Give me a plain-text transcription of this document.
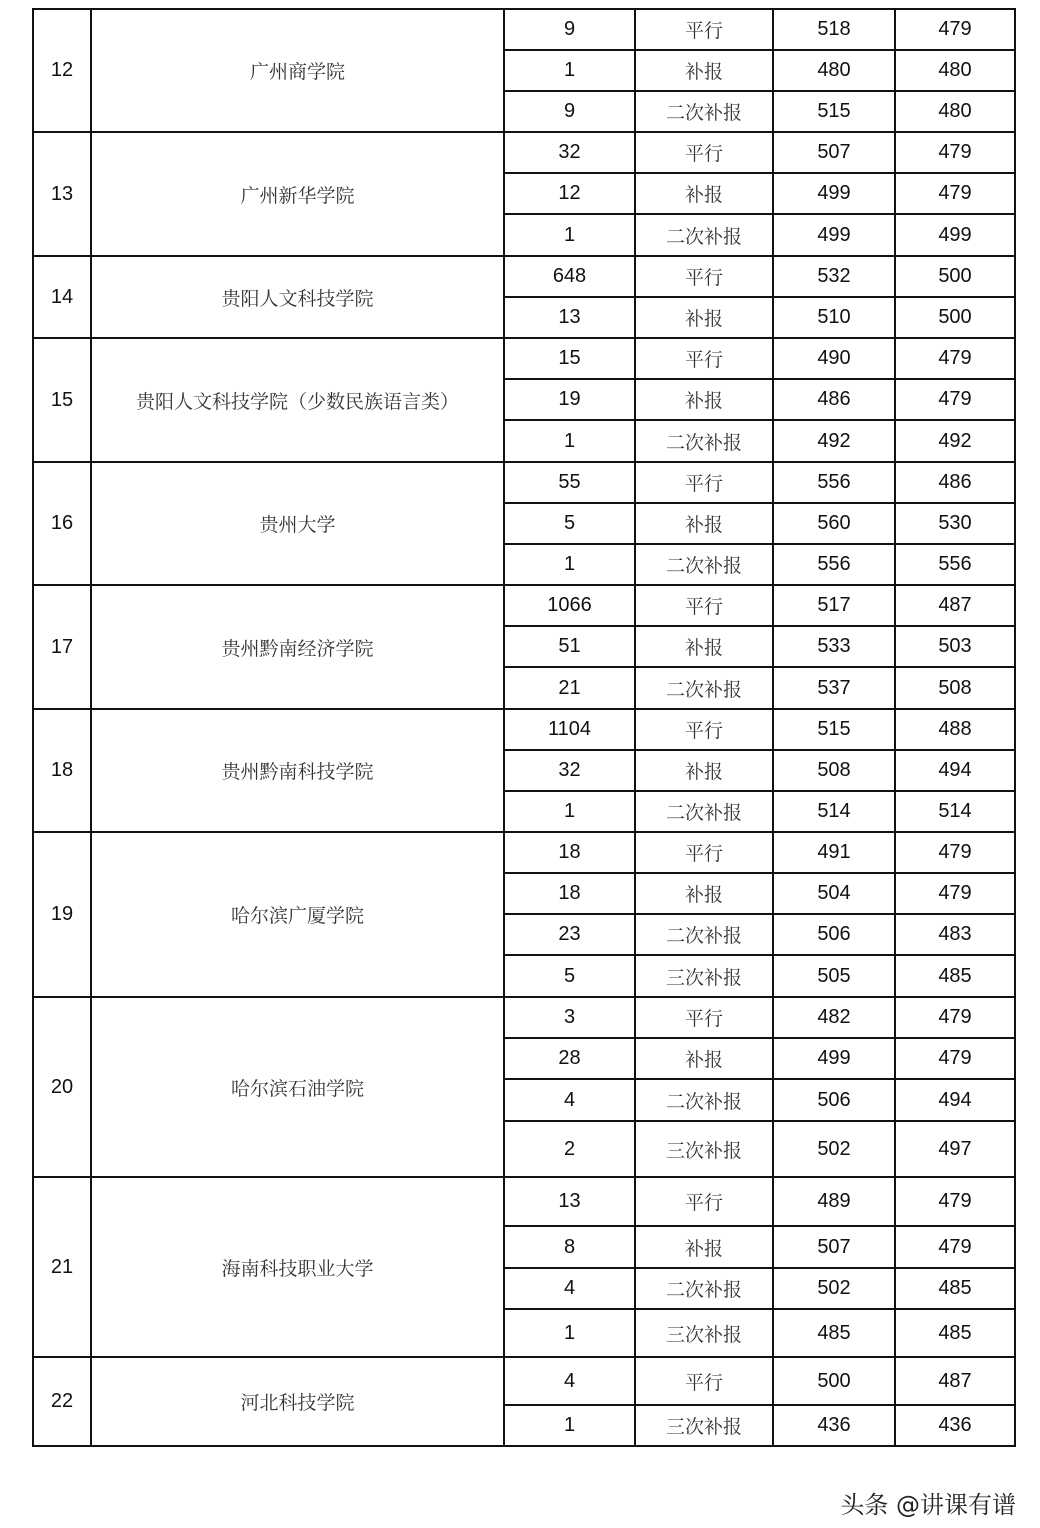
12	广州商学院	9	平行	518	479
		1	补报	480	480
		9	二次补报	515	480
13	广州新华学院	32	平行	507	479
		12	补报	499	479
		1	二次补报	499	499
14	贵阳人文科技学院	648	平行	532	500
		13	补报	510	500
15	贵阳人文科技学院（少数民族语言类）	15	平行	490	479
		19	补报	486	479
		1	二次补报	492	492
16	贵州大学	55	平行	556	486
		5	补报	560	530
		1	二次补报	556	556
17	贵州黔南经济学院	1066	平行	517	487
		51	补报	533	503
		21	二次补报	537	508
18	贵州黔南科技学院	1104	平行	515	488
		32	补报	508	494
		1	二次补报	514	514
19	哈尔滨广厦学院	18	平行	491	479
		18	补报	504	479
		23	二次补报	506	483
		5	三次补报	505	485
20	哈尔滨石油学院	3	平行	482	479
		28	补报	499	479
		4	二次补报	506	494
		2	三次补报	502	497
21	海南科技职业大学	13	平行	489	479
		8	补报	507	479
		4	二次补报	502	485
		1	三次补报	485	485
22	河北科技学院	4	平行	500	487
		1	三次补报	436	436
头条 @讲课有谱
